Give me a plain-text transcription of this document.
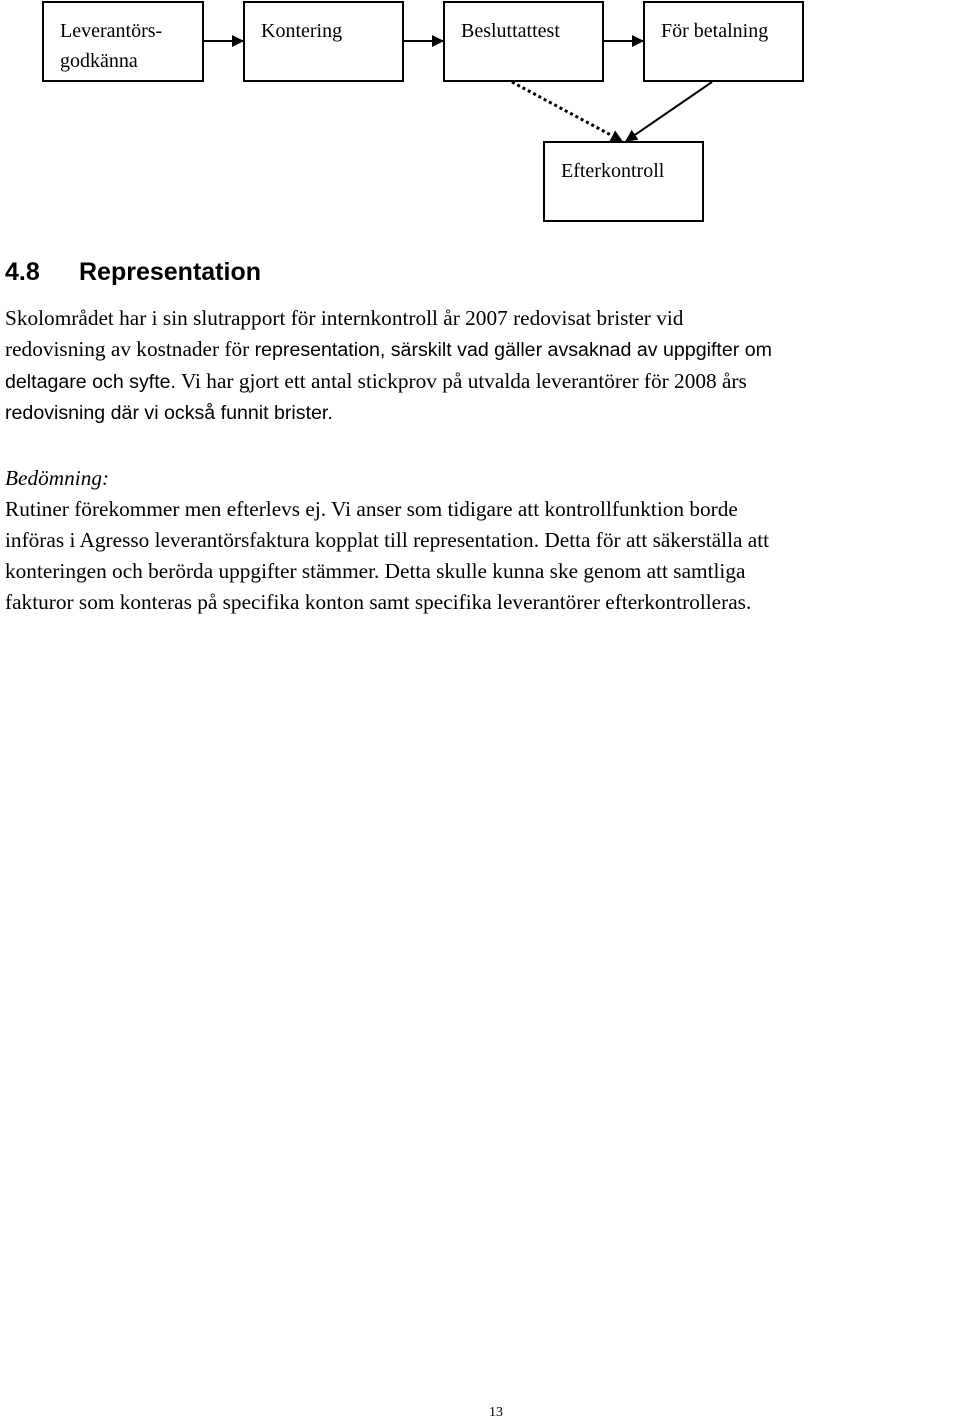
Leverantörs-
godkänna
Kontering	Besluttattest	För betalning
Efterkontroll
4.8 Representation
Skolområdet har i sin slutrapport för internkontroll år 2007 redovisat brister vid
redovisning av kostnader för representation, särskilt vad gäller avsaknad av uppgifter om
deltagare och syfte. Vi har gjort ett antal stickprov på utvalda leverantörer för 2008 års
redovisning där vi också funnit brister.
Bedömning:
Rutiner förekommer men efterlevs ej. Vi anser som tidigare att kontrollfunktion borde
införas i Agresso leverantörsfaktura kopplat till representation. Detta för att säkerställa att
konteringen och berörda uppgifter stämmer. Detta skulle kunna ske genom att samtliga
fakturor som konteras på specifika konton samt specifika leverantörer efterkontrolleras.
13
